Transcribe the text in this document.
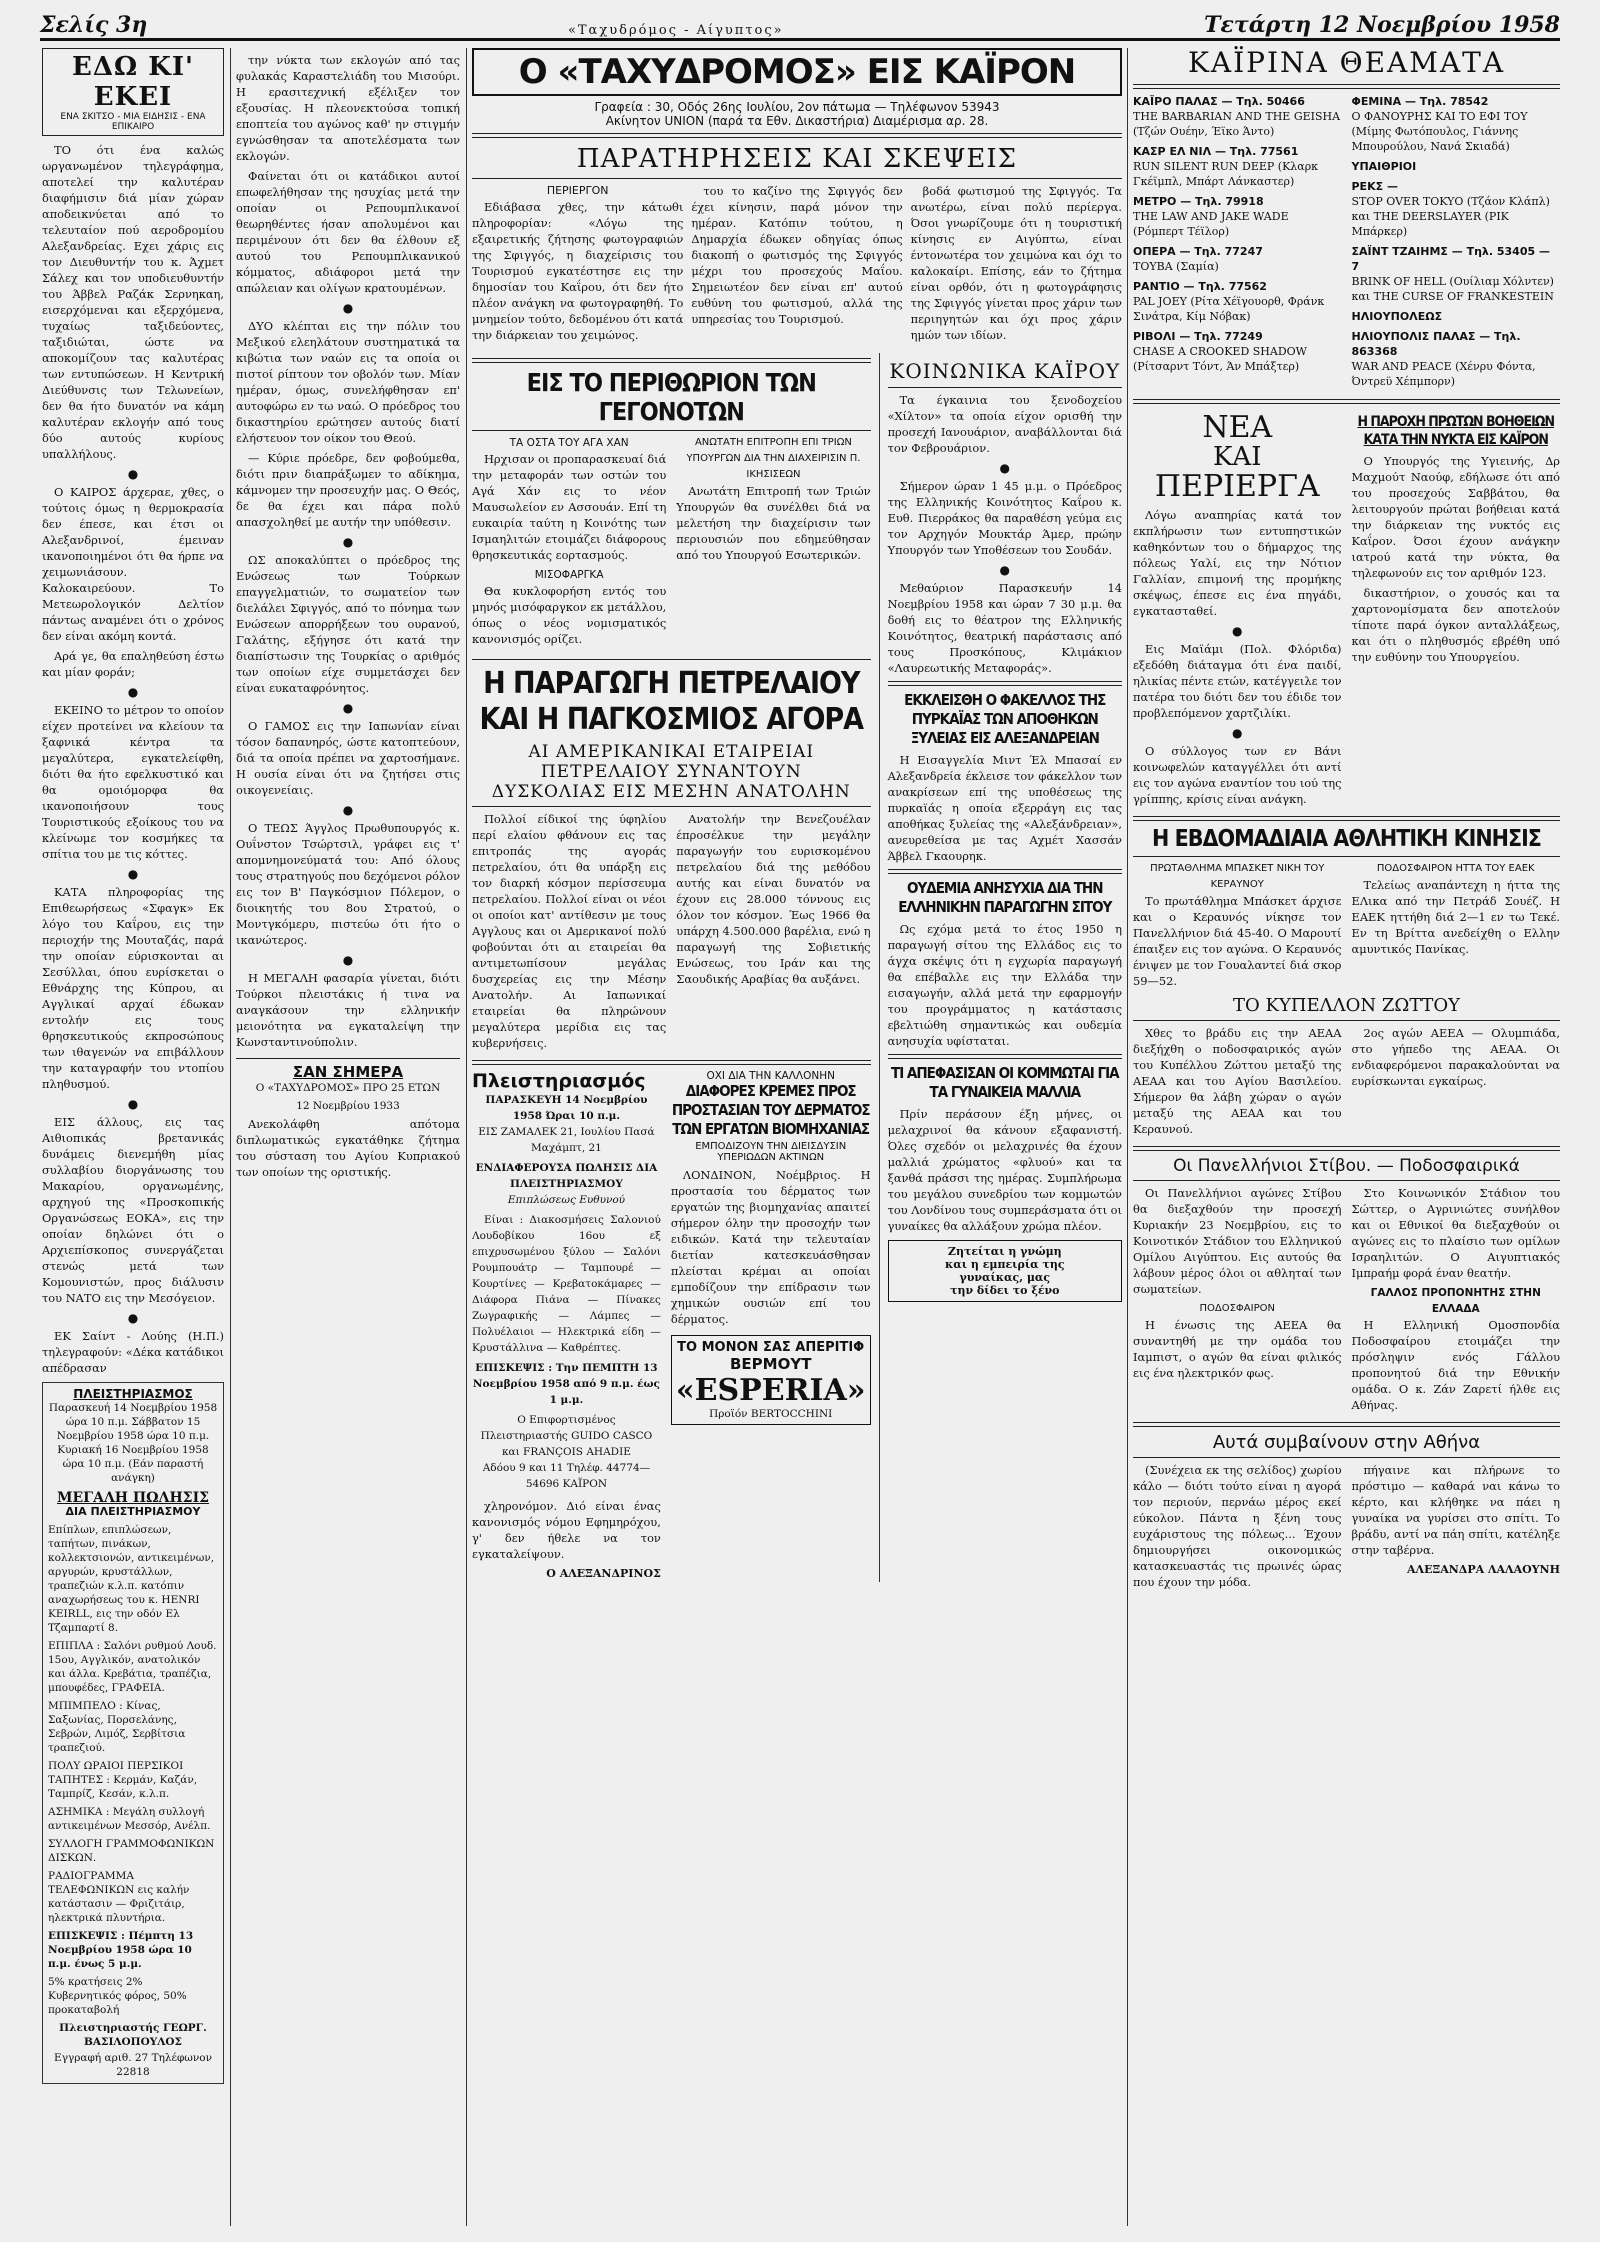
Σελίς 3η	«Ταχυδρόμος - Αίγυπτος»	Τετάρτη 12 Νοεμβρίου 1958
ΕΔΩ ΚΙ' ΕΚΕΙ
ΕΝΑ ΣΚΙΤΣΟ - ΜΙΑ ΕΙΔΗΣΙΣ - ΕΝΑ ΕΠΙΚΑΙΡΟ

ΤΟ ότι ένα καλώς ωργανωμένον τηλεγράφημα, αποτελεί την καλυτέραν διαφήμισιν διά μίαν χώραν αποδεικνύεται από το τελευταίον πού αεροδρομίου Αλεξανδρείας. Εχει χάρις εις τον Διευθυντήν του κ. Άχμετ Σάλεχ και τον υποδιευθυντήν του Άββελ Ραζάκ Σερνηκαη, εισερχόμεναι και εξερχόμενα, τυχαίως ταξιδεύοντες, ταξιδιώται, ώστε να αποκομίζουν τας καλυτέρας των εντυπώσεων. Η Κεντρική Διεύθυνσις των Τελωνείων, δεν θα ήτο δυνατόν να κάμη καλυτέραν εκλογήν από τους δύο αυτούς κυρίους υπαλλήλους.

●

Ο ΚΑΙΡΟΣ άρχεραε, χθες, ο τούτοις όμως η θερμοκρασία δεν έπεσε, και έτσι οι Αλεξανδρινοί, έμειναν ικανοποιημένοι ότι θα ήρπε να χειμωνιάσουν. Καλοκαιρεύουν. Το Μετεωρολογικόν Δελτίον πάντως αναμένει ότι ο χρόνος δεν είναι ακόμη κοντά.

Αρά γε, θα επαληθεύση έστω και μίαν φοράν;

●

ΕΚΕΙΝΟ το μέτρον το οποίον είχεν προτείνει να κλείουν τα ξαφνικά κέντρα τα μεγαλύτερα, εγκατελείφθη, διότι θα ήτο εφελκυστικό και θα ομοιόμορφα θα ικανοποιήσουν τους Τουριστικούς εξοίκους του να κλείνωμε τον κοσμήκες τα σπίτια του με τις κόττες.

●

ΚΑΤΑ πληροφορίας της Επιθεωρήσεως «Σφαγκ» Εκ λόγο του Καΐρου, εις την περιοχήν της Μουταζάς, παρά την οποίαν εύρισκονται αι Σεσύλλαι, όπου ευρίσκεται ο Εθνάρχης της Κύπρου, αι Αγγλικαί αρχαί έδωκαν εντολήν εις τους θρησκευτικούς εκπροσώπους των ιθαγενών να επιβάλλουν την καταγραφήν του ντοπίου πληθυσμού.

●

ΕΙΣ άλλους, εις τας Αιθιοπικάς βρετανικάς δυνάμεις διενεμήθη μίας συλλαβίου διοργάνωσης του Μακαρίου, οργανωμένης, αρχηγού της «Προσκοπικής Οργανώσεως ΕΟΚΑ», εις την οποίαν δηλώνει ότι ο Αρχιεπίσκοπος συνεργάζεται στενώς μετά των Κομουνιστών, προς διάλυσιν του ΝΑΤΟ εις την Μεσόγειον.

●

ΕΚ Σαίντ - Λούης (Η.Π.) τηλεγραφούν: «Δέκα κατάδικοι απέδρασαν

ΠΛΕΙΣΤΗΡΙΑΣΜΟΣ
Παρασκευή 14 Νοεμβρίου 1958 ώρα 10 π.μ. Σάββατον 15 Νοεμβρίου 1958 ώρα 10 π.μ. Κυριακή 16 Νοεμβρίου 1958 ώρα 10 π.μ. (Εάν παραστή ανάγκη)
ΜΕΓΑΛΗ ΠΩΛΗΣΙΣ
ΔΙΑ ΠΛΕΙΣΤΗΡΙΑΣΜΟΥ
Επίπλων, επιπλώσεων, ταπήτων, πινάκων, κολλεκτσιονών, αντικειμένων, αργυρών, κρυστάλλων, τραπεζιών κ.λ.π. κατόπιν αναχωρήσεως του κ. HENRI KEIRLL, εις την οδόν Ελ Τζαμπαρτί 8.
ΕΠΙΠΛΑ : Σαλόνι ρυθμού Λουδ. 15ου, Αγγλικόν, ανατολικόν και άλλα. Κρεβάτια, τραπέζια, μπουφέδες, ΓΡΑΦΕΙΑ.
ΜΠΙΜΠΕΛΟ : Κίνας, Σαξωνίας, Πορσελάνης, Σεβρών, Λιμόζ, Σερβίτσια τραπεζιού.
ΠΟΛΥ ΩΡΑΙΟΙ ΠΕΡΣΙΚΟΙ ΤΑΠΗΤΕΣ : Κερμάν, Καζάν, Ταμπρίζ, Κεσάν, κ.λ.π.
ΑΣΗΜΙΚΑ : Μεγάλη συλλογή αντικειμένων Μεσσόρ, Ανέλπ.
ΣΥΛΛΟΓΗ ΓΡΑΜΜΟΦΩΝΙΚΩΝ ΔΙΣΚΩΝ.
ΡΑΔΙΟΓΡΑΜΜΑ ΤΕΛΕΦΩΝΙΚΩΝ εις καλήν κατάστασιν — Φριζιτάιρ, ηλεκτρικά πλυντήρια.
ΕΠΙΣΚΕΨΙΣ : Πέμπτη 13 Νοεμβρίου 1958 ώρα 10 π.μ. ένως 5 μ.μ.
5% κρατήσεις 2% Κυβερνητικός φόρος, 50% προκαταβολή
Πλειστηριαστής ΓΕΩΡΓ. ΒΑΣΙΛΟΠΟΥΛΟΣ
Εγγραφή αριθ. 27 Τηλέφωνον 22818

την νύκτα των εκλογών από τας φυλακάς Καραστελιάδη του Μισούρι. Η ερασιτεχνική εξέλιξεν τον εξουσίας. Η πλεονεκτούσα τοπική εποπτεία του αγώνος καθ' ην στιγμήν εγνώσθησαν τα αποτελέσματα των εκλογών.

Φαίνεται ότι οι κατάδικοι αυτοί επωφελήθησαν της ησυχίας μετά την οποίαν οι Ρεπουμπλικανοί θεωρηθέντες ήσαν απολυμένοι και περιμένουν ότι δεν θα έλθουν εξ αυτού του Ρεπουμπλικανικού κόμματος, αδιάφοροι μετά την απώλειαν και ολίγων κρατουμένων.

●

ΔΥΟ κλέπται εις την πόλιν του Μεξικού ελεηλάτουν συστηματικά τα κιβώτια των ναών εις τα οποία οι πιστοί ρίπτουν τον οβολόν των. Μίαν ημέραν, όμως, συνελήφθησαν επ' αυτοφώρω εν τω ναώ. Ο πρόεδρος του δικαστηρίου ερώτησεν αυτούς διατί ελήστευον τον οίκον του Θεού.

— Κύριε πρόεδρε, δεν φοβούμεθα, διότι πριν διαπράξωμεν το αδίκημα, κάμνομεν την προσευχήν μας. Ο Θεός, δε θα έχει και πάρα πολύ απασχοληθεί με αυτήν την υπόθεσιν.

●

ΩΣ αποκαλύπτει ο πρόεδρος της Ενώσεως των Τούρκων επαγγελματιών, το σωματείον των διελάλει Σφιγγός, από το πόνημα των Ενώσεων απορρήξεων του ουρανού, Γαλάτης, εξήγησε ότι κατά την διαπίστωσιν της Τουρκίας ο αριθμός των οποίων είχε συμμετάσχει δεν είναι ευκαταφρόνητος.

●

Ο ΓΑΜΟΣ εις την Ιαπωνίαν είναι τόσον δαπανηρός, ώστε κατοπτεύουν, διά τα οποία πρέπει να χαρτοσήμανε. Η ουσία είναι ότι να ζητήσει στις οικογενείαις.

●

Ο ΤΕΩΣ Άγγλος Πρωθυπουργός κ. Ουΐνστον Τσώρτσιλ, γράφει εις τ' απομνημονεύματά του: Από όλους τους στρατηγούς που δεχόμενοι ρόλον εις τον Β' Παγκόσμιον Πόλεμον, ο διοικητής του 8ου Στρατού, ο Μοντγκόμερυ, πιστεύω ότι ήτο ο ικανώτερος.

●

Η ΜΕΓΑΛΗ φασαρία γίνεται, διότι Τούρκοι πλειστάκις ή τινα να αναγκάσουν την ελληνικήν μειονότητα να εγκαταλείψη την Κωνσταντινούπολιν.

ΣΑΝ ΣΗΜΕΡΑ
Ο «ΤΑΧΥΔΡΟΜΟΣ» ΠΡΟ 25 ΕΤΩΝ
12 Νοεμβρίου 1933

Ανεκολάφθη απότομα διπλωματικώς εγκατάθηκε ζήτημα του σύσταση του Αγίου Κυπριακού των οποίων της οριστικής.

Ο «ΤΑΧΥΔΡΟΜΟΣ» ΕΙΣ ΚΑΪΡΟΝ
Γραφεία : 30, Οδός 26ης Ιουλίου, 2ον πάτωμα — Τηλέφωνον 53943
Ακίνητον UNION (παρά τα Εθν. Δικαστήρια) Διαμέρισμα αρ. 28.
ΠΑΡΑΤΗΡΗΣΕΙΣ ΚΑΙ ΣΚΕΨΕΙΣ
ΠΕΡΙΕΡΓΟΝ

Εδιάβασα χθες, την κάτωθι πληροφορίαν: «Λόγω της εξαιρετικής ζήτησης φωτογραφιών της Σφιγγός, η διαχείρισις του Τουρισμού εγκατέστησε εις την δημοσίαν του Καΐρου, ότι δεν ήτο πλέον ανάγκη να φωτογραφηθή. Το μνημείον τούτο, δεδομένου ότι κατά την διάρκειαν του χειμώνος.

του το καζίνο της Σφιγγός δεν έχει κίνησιν, παρά μόνον την ημέραν. Κατόπιν τούτου, η Δημαρχία έδωκεν οδηγίας όπως διακοπή ο φωτισμός της Σφιγγός μέχρι του προσεχούς Μαΐου. Σημειωτέον δεν είναι επ' αυτού ευθύνη του φωτισμού, αλλά της υπηρεσίας του Τουρισμού.

βοδά φωτισμού της Σφιγγός. Τα ανωτέρω, είναι πολύ περίεργα. Όσοι γνωρίζουμε ότι η τουριστική κίνησις εν Αιγύπτω, είναι έντονωτέρα τον χειμώνα και όχι το καλοκαίρι. Επίσης, εάν το ζήτημα είναι ορθόν, ότι η φωτογράφησις της Σφιγγός γίνεται προς χάριν των περιηγητών και όχι προς χάριν ημών των ιδίων.

ΕΙΣ ΤΟ ΠΕΡΙΘΩΡΙΟΝ ΤΩΝ ΓΕΓΟΝΟΤΩΝ
ΤΑ ΟΣΤΑ ΤΟΥ ΑΓΑ ΧΑΝ

Ηρχισαν οι προπαρασκευαί διά την μεταφοράν των οστών του Αγά Χάν εις το νέον Μαυσωλείον εν Ασσουάν. Επί τη ευκαιρία ταύτη η Κοινότης των Ισμαηλιτών ετοιμάζει διάφορους θρησκευτικάς εορτασμούς.

ΜΙΣΟΦΑΡΓΚΑ

Θα κυκλοφορήση εντός του μηνός μισόφαργκον εκ μετάλλου, όπως ο νέος νομισματικός κανονισμός ορίζει.

ΑΝΩΤΑΤΗ ΕΠΙΤΡΟΠΗ ΕΠΙ ΤΡΙΩΝ ΥΠΟΥΡΓΩΝ ΔΙΑ ΤΗΝ ΔΙΑΧΕΙΡΙΣΙΝ Π. ΙΚΗΣΙΣΕΩΝ

Ανωτάτη Επιτροπή των Τριών Υπουργών θα συνέλθει διά να μελετήση την διαχείρισιν των περιουσιών που εδημεύθησαν από του Υπουργού Εσωτερικών.

Η ΠΑΡΑΓΩΓΗ ΠΕΤΡΕΛΑΙΟΥ ΚΑΙ Η ΠΑΓΚΟΣΜΙΟΣ ΑΓΟΡΑ
ΑΙ ΑΜΕΡΙΚΑΝΙΚΑΙ ΕΤΑΙΡΕΙΑΙ
ΠΕΤΡΕΛΑΙΟΥ ΣΥΝΑΝΤΟΥΝ
ΔΥΣΚΟΛΙΑΣ ΕΙΣ ΜΕΣΗΝ ΑΝΑΤΟΛΗΝ

Πολλοί είδικοί της ύφηλίου περί ελαίου φθάνουν εις τας επιτροπάς της αγοράς πετρελαίου, ότι θα υπάρξη εις τον διαρκή κόσμον περίσσευμα πετρελαίου. Πολλοί είναι οι νέοι οι οποίοι κατ' αντίθεσιν με τους Αγγλους και οι Αμερικανοί πολύ φοβούνται ότι αι εταιρείαι θα αντιμετωπίσουν μεγάλας δυσχερείας εις την Μέσην Ανατολήν. Αι Ιαπωνικαί εταιρείαι θα πληρώνουν μεγαλύτερα μερίδια εις τας κυβερνήσεις.

Ανατολήν την Βενεζουέλαν έπροσέλκυε την μεγάλην παραγωγήν του ευρισκομένου πετρελαίου διά της μεθόδου αυτής και είναι δυνατόν να έχουν εις 28.000 τόννους εις όλον τον κόσμον. Έως 1966 θα υπάρχη 4.500.000 βαρέλια, ενώ η παραγωγή της Σοβιετικής Ενώσεως, του Ιράν και της Σαουδικής Αραβίας θα αυξάνει.

Πλειστηριασμός
ΠΑΡΑΣΚΕΥΗ 14 Νοεμβρίου 1958 Ώραι 10 π.μ.
ΕΙΣ ΖΑΜΑΛΕΚ 21, Ιουλίου Πασά Μαχάμπτ, 21
ΕΝΔΙΑΦΕΡΟΥΣΑ ΠΩΛΗΣΙΣ ΔΙΑ ΠΛΕΙΣΤΗΡΙΑΣΜΟΥ
Επιπλώσεως Ευθυνού

Είναι : Διακοσμήσεις Σαλονιού Λουδοβίκου 16ου εξ επιχρυσωμένου ξύλου — Σαλόνι Ρουμπουάτρ — Ταμπουρέ — Κουρτίνες — Κρεβατοκάμαρες — Διάφορα Πιάνα — Πίνακες Ζωγραφικής — Λάμπες — Πολυέλαιοι — Ηλεκτρικά είδη — Κρυστάλλινα — Καθρέπτες.

ΕΠΙΣΚΕΨΙΣ : Την ΠΕΜΠΤΗ 13 Νοεμβρίου 1958 από 9 π.μ. έως 1 μ.μ.
Ο Επιφορτισμένος Πλειστηριαστής GUIDO CASCO και FRANÇOIS AHADIE
Αδόου 9 και 11 Τηλέφ. 44774—54696 ΚΑΪΡΟΝ

χληρονόμον. Διό είναι ένας κανονισμός νόμου Εφημηρόχου, γ' δεν ήθελε να τον εγκαταλείψουν.

Ο ΑΛΕΞΑΝΔΡΙΝΟΣ
ΟΧΙ ΔΙΑ ΤΗΝ ΚΑΛΛΟΝΗΝ
ΔΙΑΦΟΡΕΣ ΚΡΕΜΕΣ ΠΡΟΣ ΠΡΟΣΤΑΣΙΑΝ ΤΟΥ ΔΕΡΜΑΤΟΣ ΤΩΝ ΕΡΓΑΤΩΝ ΒΙΟΜΗΧΑΝΙΑΣ
ΕΜΠΟΔΙΖΟΥΝ ΤΗΝ ΔΙΕΙΣΔΥΣΙΝ ΥΠΕΡΙΩΔΩΝ ΑΚΤΙΝΩΝ

ΛΟΝΔΙΝΟΝ, Νοέμβριος. Η προστασία του δέρματος των εργατών της βιομηχανίας απαιτεί σήμερον όλην την προσοχήν των ειδικών. Κατά την τελευταίαν διετίαν κατεσκευάσθησαν πλείσται κρέμαι αι οποίαι εμποδίζουν την επίδρασιν των χημικών ουσιών επί του δέρματος.

ΤΟ ΜΟΝΟΝ ΣΑΣ ΑΠΕΡΙΤΙΦ
ΒΕΡΜΟΥΤ
«ESPERIA»
Προϊόν BERTOCCHINI
ΚΟΙΝΩΝΙΚΑ ΚΑΪΡΟΥ

Τα έγκαινια του ξενοδοχείου «Χίλτον» τα οποία είχον ορισθή την προσεχή Ιανουάριον, αναβάλλονται διά τον Φεβρουάριον.

●

Σήμερον ώραν 1 45 μ.μ. ο Πρόεδρος της Ελληνικής Κοινότητος Καΐρου κ. Ευθ. Πιερράκος θα παραθέση γεύμα εις τον Αρχηγόν Μουκτάρ Άμερ, πρώην Υπουργόν των Υποθέσεων του Σουδάν.

●

Μεθαύριον Παρασκευήν 14 Νοεμβρίου 1958 και ώραν 7 30 μ.μ. θα δοθή εις το θέατρον της Ελληνικής Κοινότητος, θεατρική παράστασις από τους Προσκόπους, Κλιμάκιον «Λαυρεωτικής Μεταφοράς».

ΕΚΚΛΕΙΣΘΗ Ο ΦΑΚΕΛΛΟΣ ΤΗΣ ΠΥΡΚΑΪΑΣ ΤΩΝ ΑΠΟΘΗΚΩΝ ΞΥΛΕΙΑΣ ΕΙΣ ΑΛΕΞΑΝΔΡΕΙΑΝ

Η Εισαγγελία Μιντ Έλ Μπασαί εν Αλεξανδρεία έκλεισε τον φάκελλον των ανακρίσεων επί της υποθέσεως της πυρκαϊάς η οποία εξερράγη εις τας αποθήκας ξυλείας της «Αλεξάνδρειαν», ανευρεθείσα με τας Αχμέτ Χασσάν Άββελ Γκαουρηκ.

ΟΥΔΕΜΙΑ ΑΝΗΣΥΧΙΑ ΔΙΑ ΤΗΝ ΕΛΛΗΝΙΚΗΝ ΠΑΡΑΓΩΓΗΝ ΣΙΤΟΥ

Ως εχόμα μετά το έτος 1950 η παραγωγή σίτου της Ελλάδος εις το άγχα σκέψις ότι η εγχωρία παραγωγή θα επέβαλλε εις την Ελλάδα την εισαγωγήν, αλλά μετά την εφαρμογήν του προγράμματος η κατάστασις εβελτιώθη σημαντικώς και ουδεμία ανησυχία υφίσταται.

ΤΙ ΑΠΕΦΑΣΙΣΑΝ ΟΙ ΚΟΜΜΩΤΑΙ ΓΙΑ ΤΑ ΓΥΝΑΙΚΕΙΑ ΜΑΛΛΙΑ

Πρίν περάσουν έξη μήνες, οι μελαχρινοί θα κάνουν εξαφανιστή. Όλες σχεδόν οι μελαχρινές θα έχουν μαλλιά χρώματος «φλυού» και τα ξανθά πράσσι της ημέρας. Συμπλήρωμα του μεγάλου συνεδρίου των κομμωτών του Λονδίνου τους συμπεράσματα ότι οι γυναίκες θα αλλάξουν χρώμα πλέον.

Ζητείται η γνώμη
και η εμπειρία της
γυναίκας, μας
την δίδει το ξένο
ΚΑΪΡΙΝΑ ΘΕΑΜΑΤΑ
ΚΑΪΡΟ ΠΑΛΑΣ — Τηλ. 50466
THE BARBARIAN AND THE GEISHA (Τζών Ουέην, Έϊκο Άντο)
ΚΑΣΡ ΕΛ ΝΙΛ — Τηλ. 77561
RUN SILENT RUN DEEP (Κλαρκ Γκέϊμπλ, Μπάρτ Λάνκαστερ)
ΜΕΤΡΟ — Τηλ. 79918
THE LAW AND JAKE WADE (Ρόμπερτ Τέϊλορ)
ΟΠΕΡΑ — Τηλ. 77247
ΤΟΥΒΑ (Σαμία)
ΡΑΝΤΙΟ — Τηλ. 77562
PAL JOEY (Ρίτα Χέϊγουορθ, Φράνκ Σινάτρα, Κίμ Νόβακ)
ΡΙΒΟΛΙ — Τηλ. 77249
CHASE A CROOKED SHADOW (Ρίτσαρντ Τόντ, Άν Μπάξτερ)
ΦΕΜΙΝΑ — Τηλ. 78542
Ο ΦΑΝΟΥΡΗΣ ΚΑΙ ΤΟ ΕΦΙ ΤΟΥ (Μίμης Φωτόπουλος, Γιάννης Μπουρούλου, Νανά Σκιαδά)
ΥΠΑΙΘΡΙΟΙ
ΡΕΚΣ —
STOP OVER TOKYO (Τζάον Κλάπλ) και THE DEERSLAYER (ΡΙΚ Μπάρκερ)
ΣΑΪΝΤ ΤΖΑΙΗΜΣ — Τηλ. 53405 — 7
BRINK OF HELL (Ουίλιαμ Χόλντεν) και THE CURSE OF FRANKESTEIN
ΗΛΙΟΥΠΟΛΕΩΣ
ΗΛΙΟΥΠΟΛΙΣ ΠΑΛΑΣ — Τηλ. 863368
WAR AND PEACE (Χένρυ Φόντα, Όντρεϋ Χέπμπορν)
ΝΕΑ
ΚΑΙ
ΠΕΡΙΕΡΓΑ

Λόγω αναπηρίας κατά τον εκπλήρωσιν των εντυπηστικών καθηκόντων του ο δήμαρχος της πόλεως Υαλί, εις την Νότιον Γαλλίαν, επιμονή της προμήκης σκέψως, έπεσε εις ένα πηγάδι, εγκατασταθεί.

●

Εις Μαϊάμι (Πολ. Φλόριδα) εξεδόθη διάταγμα ότι ένα παιδί, ηλικίας πέντε ετών, κατέγγειλε τον πατέρα του διότι δεν του έδιδε τον προβλεπόμενον χαρτζιλίκι.

●

Ο σύλλογος των εν Βάνι κοινωφελών καταγγέλλει ότι αντί εις τον αγώνα εναντίον του ιού της γρίππης, κρίσις είναι ανάγκη.

Η ΠΑΡΟΧΗ ΠΡΩΤΩΝ ΒΟΗΘΕΙΩΝ ΚΑΤΑ ΤΗΝ ΝΥΚΤΑ ΕΙΣ ΚΑΪΡΟΝ

Ο Υπουργός της Υγιεινής, Δρ Μαχμούτ Ναούφ, εδήλωσε ότι από του προσεχούς Σαββάτου, θα λειτουργούν πρώται βοήθειαι κατά την διάρκειαν της νυκτός εις Καΐρον. Όσοι έχουν ανάγκην ιατρού κατά την νύκτα, θα τηλεφωνούν εις τον αριθμόν 123.

δικαστήριον, ο χουσός και τα χαρτονομίσματα δεν αποτελούν τίποτε παρά όγκον ανταλλάξεως, και ότι ο πληθυσμός εβρέθη υπό την ευθύνην του Υπουργείου.

Η ΕΒΔΟΜΑΔΙΑΙΑ ΑΘΛΗΤΙΚΗ ΚΙΝΗΣΙΣ
ΠΡΩΤΑΘΛΗΜΑ ΜΠΑΣΚΕΤ ΝΙΚΗ ΤΟΥ ΚΕΡΑΥΝΟΥ

Το πρωτάθλημα Μπάσκετ άρχισε και ο Κεραυνός νίκησε τον Πανελλήνιον διά 45-40. Ο Μαρουτί έπαιξεν εις τον αγώνα. Ο Κεραυνός ένιψεν με τον Γουαλαντεί διά σκορ 59—52.

ΠΟΔΟΣΦΑΙΡΟΝ ΗΤΤΑ ΤΟΥ ΕΑΕΚ

Τελείως αναπάντεχη η ήττα της ΕΛικα από την Πετράδ Σουέζ. Η ΕΑΕΚ ηττήθη διά 2—1 εν τω Τεκέ. Εν τη Βρίττα ανεδείχθη ο Ελλην αμυντικός Πανίκας.

ΤΟ ΚΥΠΕΛΛΟΝ ΖΩΤΤΟΥ

Χθες το βράδυ εις την ΑΕΑΑ διεξήχθη ο ποδοσφαιρικός αγών του Κυπέλλου Ζώττου μεταξύ της ΑΕΑΑ και του Αγίου Βασιλείου. Σήμερον θα λάβη χώραν ο αγών μεταξύ της ΑΕΑΑ και του Κεραυνού.

2ος αγών ΑΕΕΑ — Ολυμπιάδα, στο γήπεδο της ΑΕΑΑ. Οι ενδιαφερόμενοι παρακαλούνται να ευρίσκωνται εγκαίρως.

Οι Πανελλήνιοι Στίβου. — Ποδοσφαιρικά

Οι Πανελλήνιοι αγώνες Στίβου θα διεξαχθούν την προσεχή Κυριακήν 23 Νοεμβρίου, εις το Κοινοτικόν Στάδιον του Ελληνικού Ομίλου Αιγύπτου. Εις αυτούς θα λάβουν μέρος όλοι οι αθληταί των σωματείων.

ΠΟΔΟΣΦΑΙΡΟΝ

Η ένωσις της ΑΕΕΑ θα συναντηθή με την ομάδα του Ιαμπιστ, ο αγών θα είναι φιλικός εις ένα ηλεκτρικόν φως.

Στο Κοινωνικόν Στάδιον του Σώττερ, ο Αγρινιώτες συνήλθον και οι Εθνικοί θα διεξαχθούν οι αγώνες εις το πλαίσιο των ομίλων Ισραηλιτών. Ο Αιγυπτιακός Ιμπραήμ φορά έναν θεατήν.

ΓΑΛΛΟΣ ΠΡΟΠΟΝΗΤΗΣ ΣΤΗΝ ΕΛΛΑΔΑ

Η Ελληνική Ομοσπονδία Ποδοσφαίρου ετοιμάζει την πρόσληψιν ενός Γάλλου προπονητού διά την Εθνικήν ομάδα. Ο κ. Ζάν Ζαρετί ήλθε εις Αθήνας.

Αυτά συμβαίνουν στην Αθήνα

(Συνέχεια εκ της σελίδος) χωρίου κάλο — διότι τούτο είναι η αγορά τον περιούν, περνάω μέρος εκεί εύκολον. Πάντα η ξένη τους ευχάριστους της πόλεως... Έχουν δημιουργήσει οικονομικώς κατασκευαστάς τις πρωινές ώρας που έχουν την μόδα.

πήγαινε και πλήρωνε το πρόστιμο — καθαρά ναι κάνω το κέρτο, και κλήθηκε να πάει η γυναίκα να γυρίσει στο σπίτι. Το βράδυ, αντί να πάη σπίτι, κατέληξε στην ταβέρνα.

ΑΛΕΞΑΝΔΡΑ ΛΑΛΑΟΥΝΗ
